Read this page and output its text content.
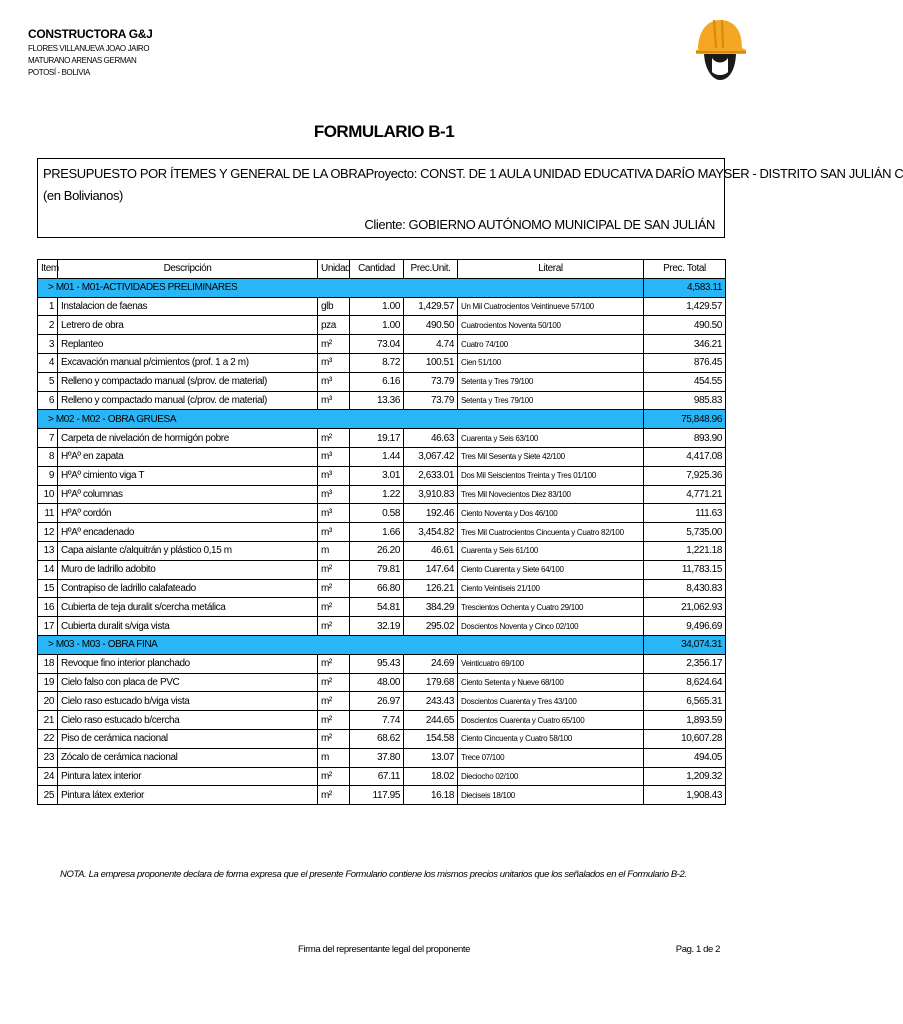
CONSTRUCTORA G&J
FLORES VILLANUEVA JOAO JAIRO
MATURANO ARENAS GERMAN
POTOSÍ - BOLIVIA
FORMULARIO B-1
PRESUPUESTO POR ÍTEMES Y GENERAL DE LA OBRAProyecto: CONST. DE 1 AULA UNIDAD EDUCATIVA DARÍO MAYSER - DISTRITO SAN JULIÁN C
(en Bolivianos)
Cliente: GOBIERNO AUTÓNOMO MUNICIPAL DE SAN JULIÁN
Item	Descripción	Unidad	Cantidad	Prec.Unit.	Literal	Prec. Total
> M01 - M01-ACTIVIDADES PRELIMINARES						4,583.11
1	Instalacion de faenas	glb	1.00	1,429.57	Un Mil Cuatrocientos Veintinueve 57/100	1,429.57
2	Letrero de obra	pza	1.00	490.50	Cuatrocientos Noventa 50/100	490.50
3	Replanteo	m²	73.04	4.74	Cuatro 74/100	346.21
4	Excavación manual p/cimientos (prof. 1 a 2 m)	m³	8.72	100.51	Cien 51/100	876.45
5	Relleno y compactado manual (s/prov. de material)	m³	6.16	73.79	Setenta y Tres 79/100	454.55
6	Relleno y compactado manual (c/prov. de material)	m³	13.36	73.79	Setenta y Tres 79/100	985.83
> M02 - M02 - OBRA GRUESA						75,848.96
7	Carpeta de nivelación de hormigón pobre	m²	19.17	46.63	Cuarenta y Seis 63/100	893.90
8	HºAº en zapata	m³	1.44	3,067.42	Tres Mil Sesenta y Siete 42/100	4,417.08
9	HºAº cimiento viga T	m³	3.01	2,633.01	Dos Mil Seiscientos Treinta y Tres 01/100	7,925.36
10	HºAº columnas	m³	1.22	3,910.83	Tres Mil Novecientos Diez 83/100	4,771.21
11	HºAº cordón	m³	0.58	192.46	Ciento Noventa y Dos 46/100	111.63
12	HºAº encadenado	m³	1.66	3,454.82	Tres Mil Cuatrocientos Cincuenta y Cuatro 82/100	5,735.00
13	Capa aislante c/alquitrán y plástico 0,15 m	m	26.20	46.61	Cuarenta y Seis 61/100	1,221.18
14	Muro de ladrillo adobito	m²	79.81	147.64	Ciento Cuarenta y Siete 64/100	11,783.15
15	Contrapiso de ladrillo calafateado	m²	66.80	126.21	Ciento Veintiseis 21/100	8,430.83
16	Cubierta de teja duralit s/cercha metálica	m²	54.81	384.29	Trescientos Ochenta y Cuatro 29/100	21,062.93
17	Cubierta duralit s/viga vista	m²	32.19	295.02	Doscientos Noventa y Cinco 02/100	9,496.69
> M03 - M03 - OBRA FINA						34,074.31
18	Revoque fino interior planchado	m²	95.43	24.69	Veinticuatro 69/100	2,356.17
19	Cielo falso con placa de PVC	m²	48.00	179.68	Ciento Setenta y Nueve 68/100	8,624.64
20	Cielo raso estucado b/viga vista	m²	26.97	243.43	Doscientos Cuarenta y Tres 43/100	6,565.31
21	Cielo raso estucado b/cercha	m²	7.74	244.65	Doscientos Cuarenta y Cuatro 65/100	1,893.59
22	Piso de cerámica nacional	m²	68.62	154.58	Ciento Cincuenta y Cuatro 58/100	10,607.28
23	Zócalo de cerámica nacional	m	37.80	13.07	Trece 07/100	494.05
24	Pintura latex interior	m²	67.11	18.02	Dieciocho 02/100	1,209.32
25	Pintura látex exterior	m²	117.95	16.18	Dieciseis 18/100	1,908.43
NOTA. La empresa proponente declara de forma expresa que el presente Formulario contiene los mismos precios unitarios que los señalados en el Formulario B-2.
Firma del representante legal del proponente	Pag. 1 de 2
